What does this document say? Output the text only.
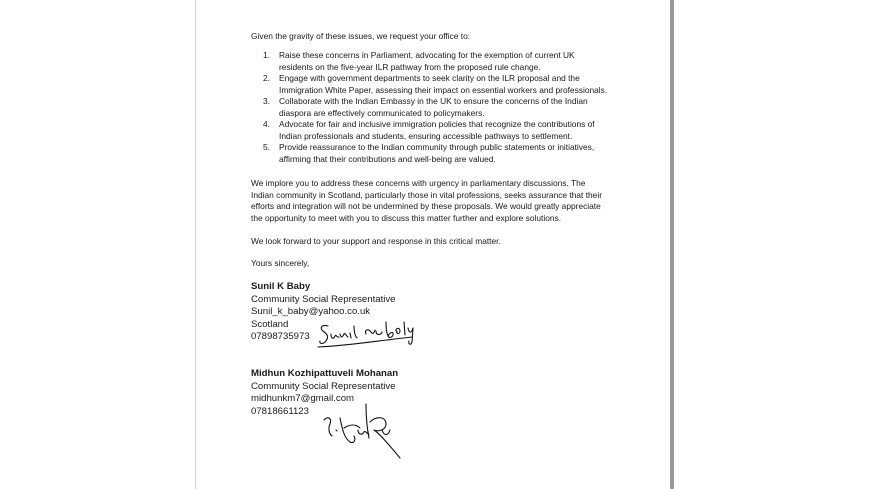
Given the gravity of these issues, we request your office to:
1. Raise these concerns in Parliament, advocating for the exemption of current UK
residents on the five-year ILR pathway from the proposed rule change.
2. Engage with government departments to seek clarity on the ILR proposal and the
Immigration White Paper, assessing their impact on essential workers and professionals.
3. Collaborate with the Indian Embassy in the UK to ensure the concerns of the Indian
diaspora are effectively communicated to policymakers.
4. Advocate for fair and inclusive immigration policies that recognize the contributions of
Indian professionals and students, ensuring accessible pathways to settlement.
5. Provide reassurance to the Indian community through public statements or initiatives,
affirming that their contributions and well-being are valued.
We implore you to address these concerns with urgency in parliamentary discussions. The
Indian community in Scotland, particularly those in vital professions, seeks assurance that their
efforts and integration will not be undermined by these proposals. We would greatly appreciate
the opportunity to meet with you to discuss this matter further and explore solutions.
We look forward to your support and response in this critical matter.
Yours sincerely,
Sunil K Baby
Community Social Representative
Sunil_k_baby@yahoo.co.uk
Scotland
07898735973
Midhun Kozhipattuveli Mohanan
Community Social Representative
midhunkm7@gmail.com
07818661123
